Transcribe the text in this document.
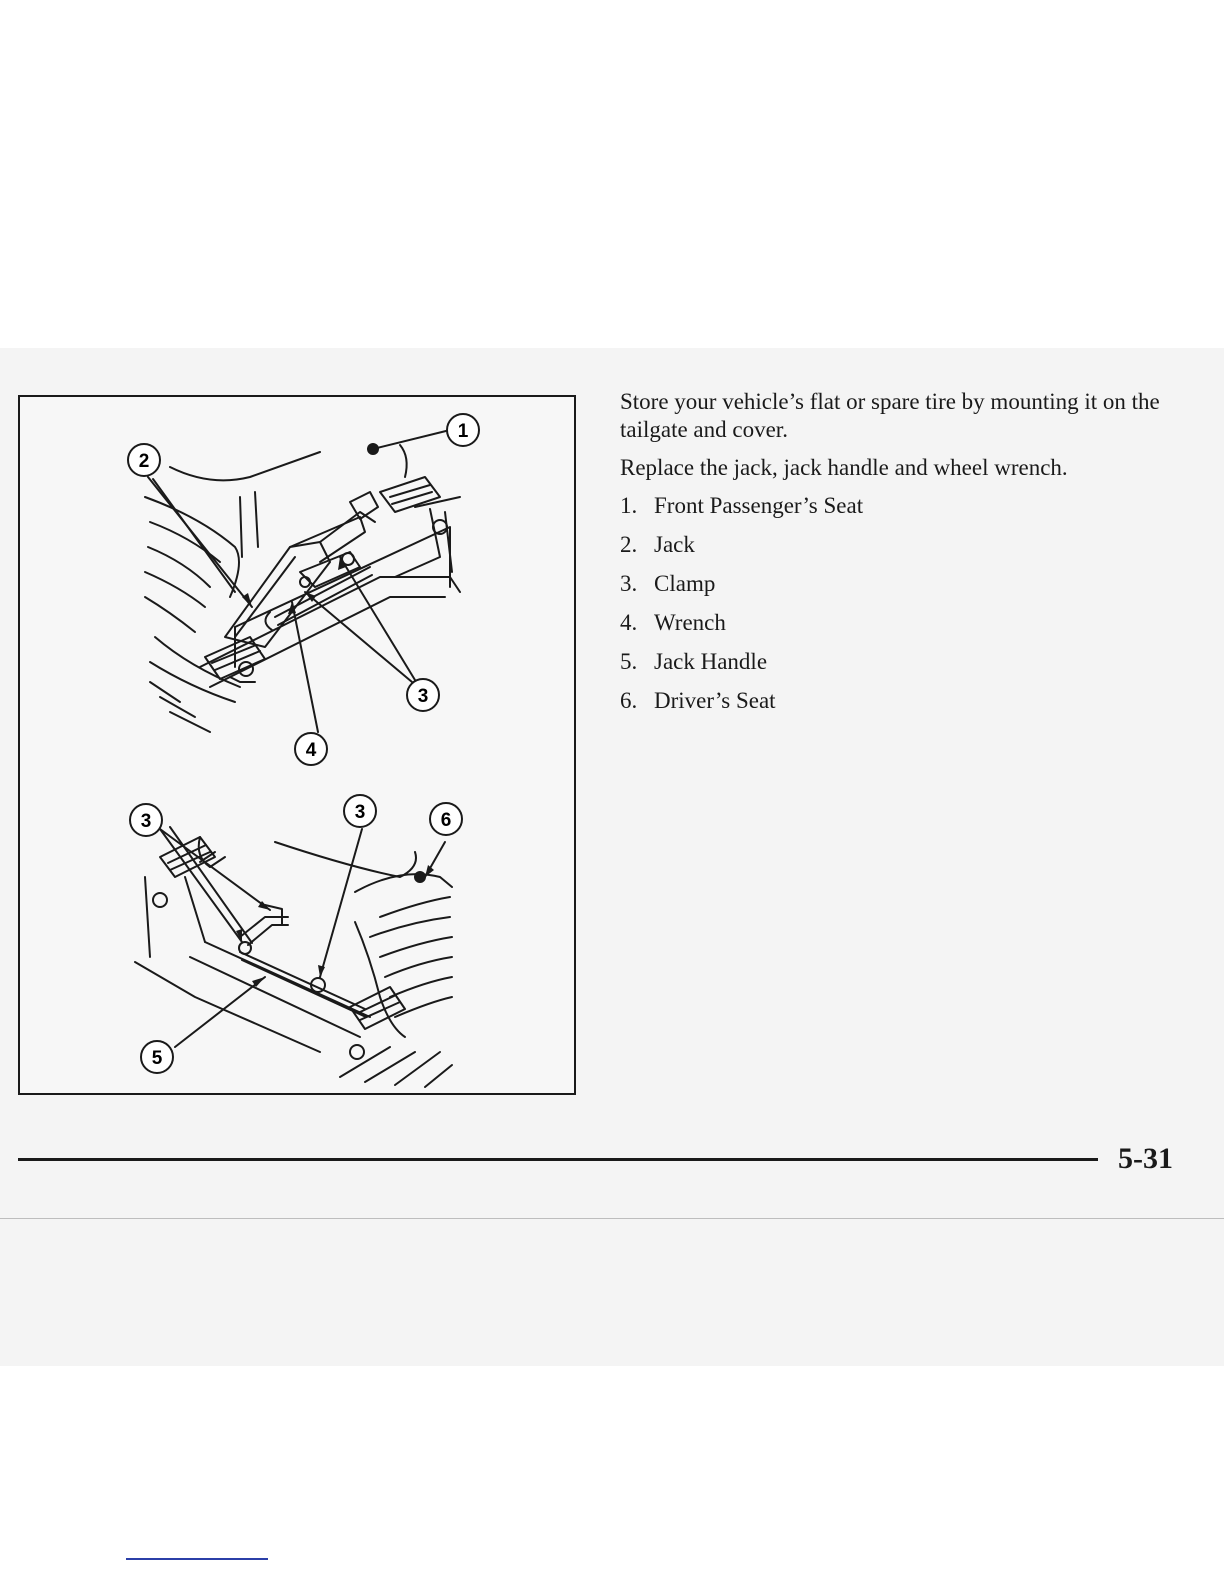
1
2
3
4
3	3	6
5

Store your vehicle’s flat or spare tire by mounting it on the tailgate and cover.

Replace the jack, jack handle and wheel wrench.

1. Front Passenger’s Seat
2. Jack
3. Clamp
4. Wrench
5. Jack Handle
6. Driver’s Seat
5-31
